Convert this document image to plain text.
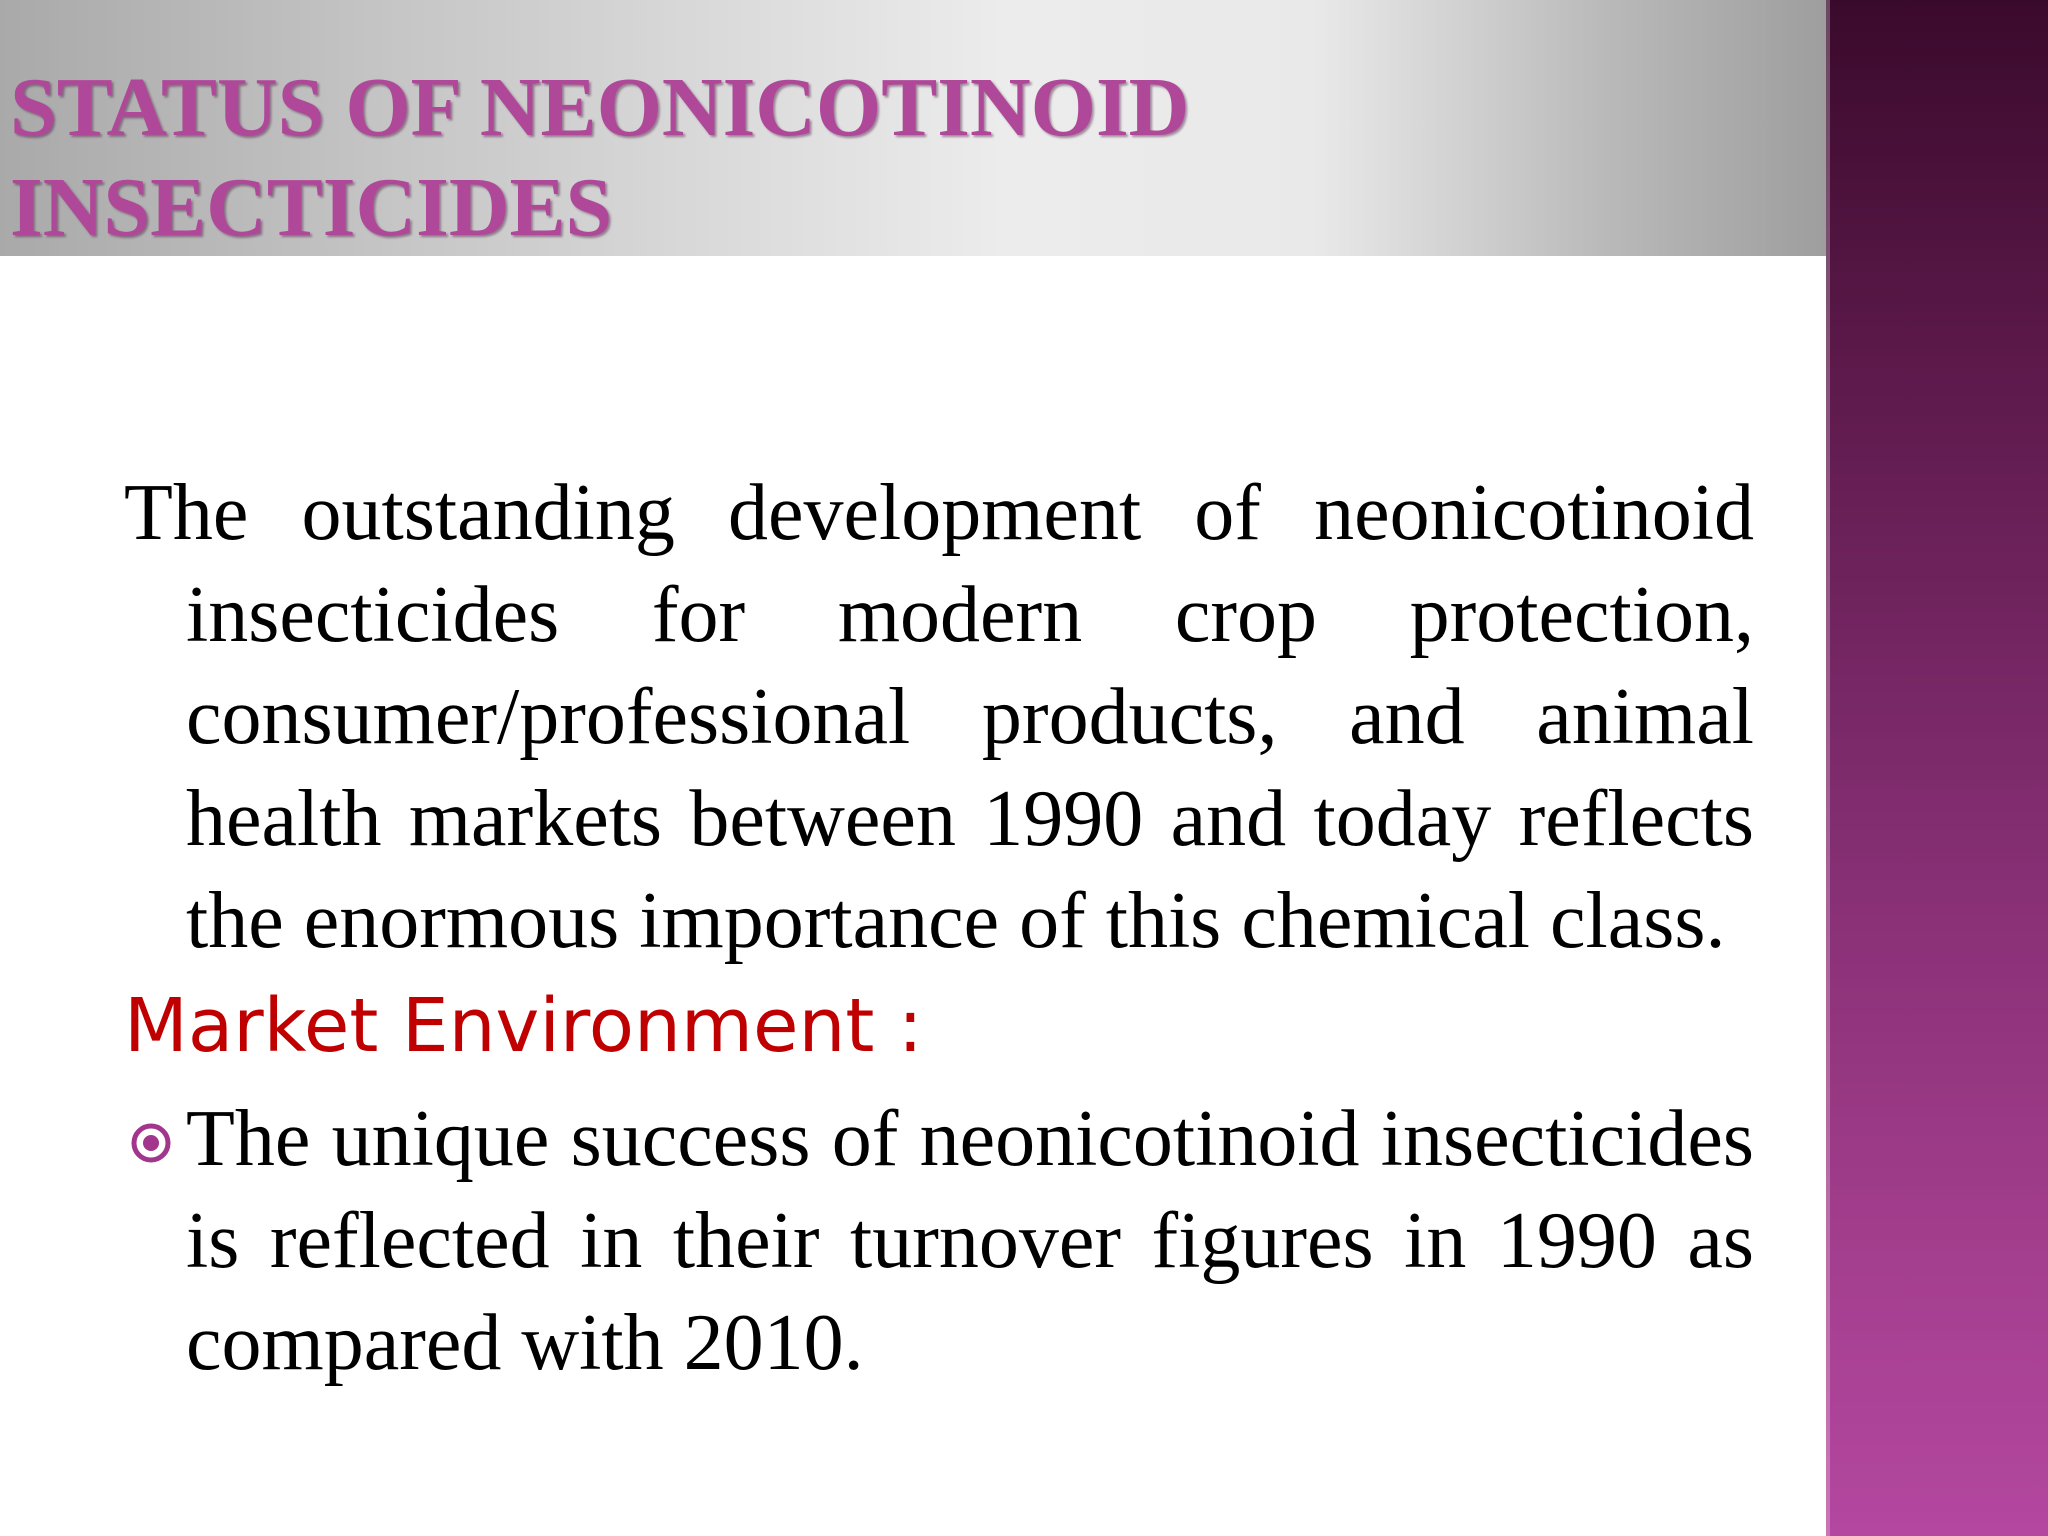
STATUS OF NEONICOTINOID
INSECTICIDES

The outstanding development of neonicotinoid insecticides for modern crop protection, consumer/professional products, and animal health markets between 1990 and today reflects the enormous importance of this chemical class.

Market Environment :
The unique success of neonicotinoid insecticides is reflected in their turnover figures in 1990 as compared with 2010.
